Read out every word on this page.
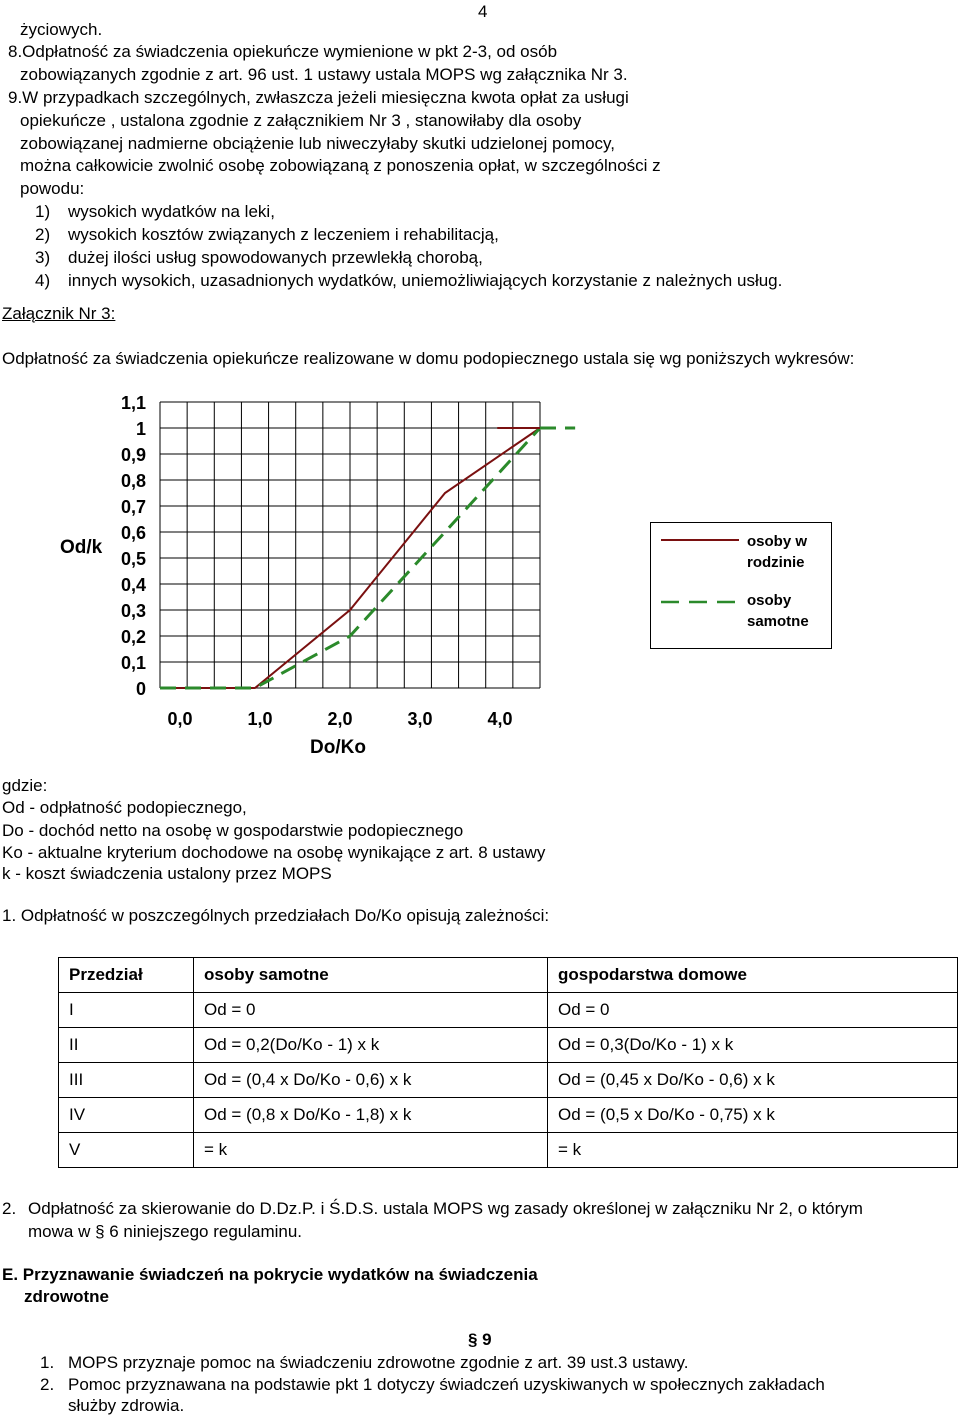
4
życiowych.
8.Odpłatność za świadczenia opiekuńcze wymienione w pkt 2-3, od osób
zobowiązanych zgodnie z art. 96 ust. 1 ustawy ustala MOPS wg załącznika Nr 3.
9.W przypadkach szczególnych, zwłaszcza jeżeli miesięczna kwota opłat za usługi
opiekuńcze , ustalona zgodnie z załącznikiem Nr 3 , stanowiłaby dla osoby
zobowiązanej nadmierne obciążenie lub niweczyłaby skutki udzielonej pomocy,
można całkowicie zwolnić osobę zobowiązaną z ponoszenia opłat, w szczególności z
powodu:
1) wysokich wydatków na leki,
2) wysokich kosztów związanych z leczeniem i rehabilitacją,
3) dużej ilości usług spowodowanych przewlekłą chorobą,
4) innych wysokich, uzasadnionych wydatków, uniemożliwiających korzystanie z należnych usług.
Załącznik Nr 3:
Odpłatność za świadczenia opiekuńcze realizowane w domu podopiecznego ustala się wg poniższych wykresów:
1,1
1
0,9
0,8
0,7
0,6
0,5
0,4
0,3
0,2
0,1
0
0,0	1,0	2,0	3,0	4,0
Od/k
Do/Ko
osoby w
rodzinie
osoby
samotne
gdzie:
Od - odpłatność podopiecznego,
Do - dochód netto na osobę w gospodarstwie podopiecznego
Ko - aktualne kryterium dochodowe na osobę wynikające z art. 8 ustawy
k - koszt świadczenia ustalony przez MOPS
1. Odpłatność w poszczególnych przedziałach Do/Ko opisują zależności:
Przedział	osoby samotne	gospodarstwa domowe
I	Od = 0	Od = 0
II	Od = 0,2(Do/Ko - 1) x k	Od = 0,3(Do/Ko - 1) x k
III	Od = (0,4 x Do/Ko - 0,6) x k	Od = (0,45 x Do/Ko - 0,6) x k
IV	Od = (0,8 x Do/Ko - 1,8) x k	Od = (0,5 x Do/Ko - 0,75) x k
V	= k	= k
2. Odpłatność za skierowanie do D.Dz.P. i Ś.D.S. ustala MOPS wg zasady określonej w załączniku Nr 2, o którym
mowa w § 6 niniejszego regulaminu.
E. Przyznawanie świadczeń na pokrycie wydatków na świadczenia
zdrowotne
§ 9
1. MOPS przyznaje pomoc na świadczeniu zdrowotne zgodnie z art. 39 ust.3 ustawy.
2. Pomoc przyznawana na podstawie pkt 1 dotyczy świadczeń uzyskiwanych w społecznych zakładach
służby zdrowia.
